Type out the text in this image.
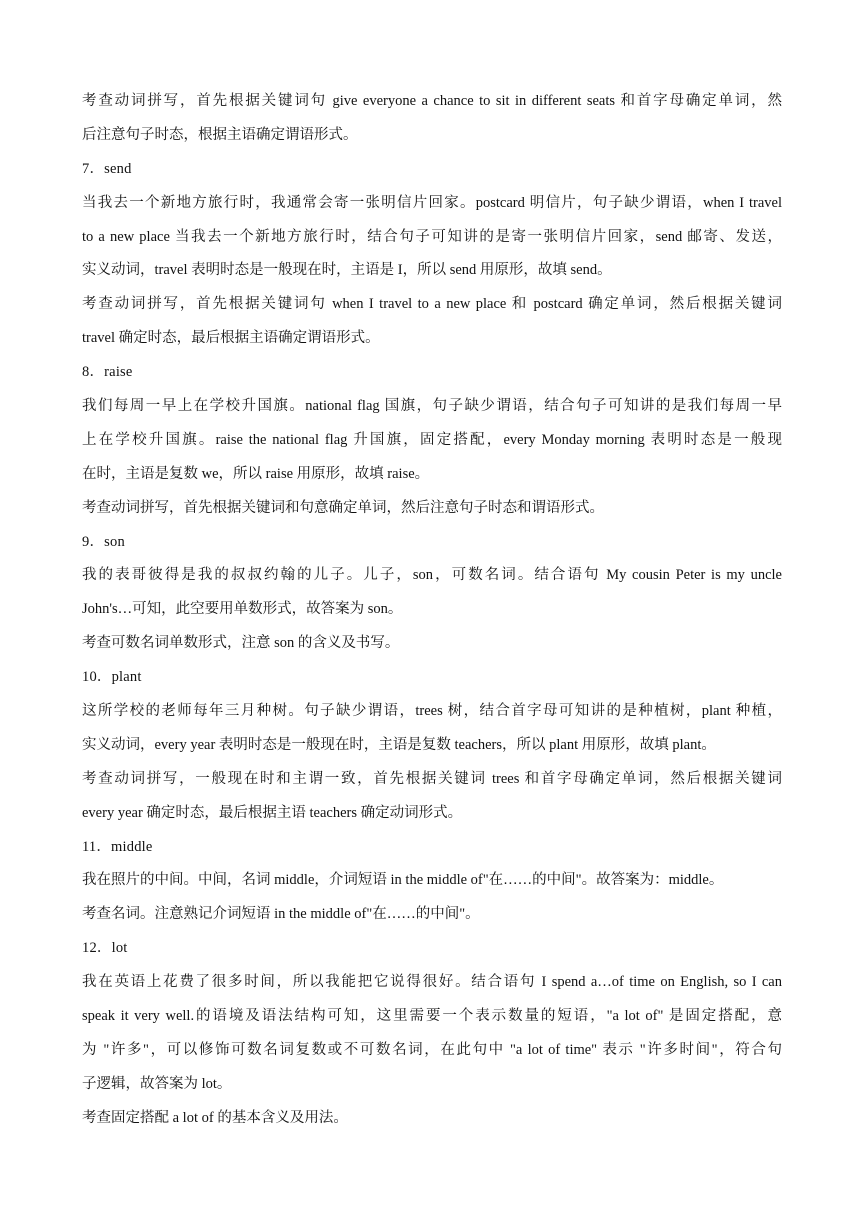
考查动词拼写，首先根据关键词句 give everyone a chance to sit in different seats 和首字母确定单词，然
后注意句子时态，根据主语确定谓语形式。
7．send
当我去一个新地方旅行时，我通常会寄一张明信片回家。postcard 明信片，句子缺少谓语，when I travel
to a new place 当我去一个新地方旅行时，结合句子可知讲的是寄一张明信片回家，send 邮寄、发送，
实义动词，travel 表明时态是一般现在时，主语是 I，所以 send 用原形，故填 send。
考查动词拼写，首先根据关键词句 when I travel to a new place 和 postcard 确定单词，然后根据关键词
travel 确定时态，最后根据主语确定谓语形式。
8．raise
我们每周一早上在学校升国旗。national flag 国旗，句子缺少谓语，结合句子可知讲的是我们每周一早
上在学校升国旗。raise the national flag 升国旗，固定搭配，every Monday morning 表明时态是一般现
在时，主语是复数 we，所以 raise 用原形，故填 raise。
考查动词拼写，首先根据关键词和句意确定单词，然后注意句子时态和谓语形式。
9．son
我的表哥彼得是我的叔叔约翰的儿子。儿子，son，可数名词。结合语句 My cousin Peter is my uncle
John's…可知，此空要用单数形式，故答案为 son。
考查可数名词单数形式，注意 son 的含义及书写。
10．plant
这所学校的老师每年三月种树。句子缺少谓语，trees 树，结合首字母可知讲的是种植树，plant 种植，
实义动词，every year 表明时态是一般现在时，主语是复数 teachers，所以 plant 用原形，故填 plant。
考查动词拼写，一般现在时和主谓一致，首先根据关键词 trees 和首字母确定单词，然后根据关键词
every year 确定时态，最后根据主语 teachers 确定动词形式。
11．middle
我在照片的中间。中间，名词 middle，介词短语 in the middle of"在……的中间"。故答案为：middle。
考查名词。注意熟记介词短语 in the middle of"在……的中间"。
12．lot
我在英语上花费了很多时间，所以我能把它说得很好。结合语句 I spend a…of time on English, so I can
speak it very well.的语境及语法结构可知，这里需要一个表示数量的短语，"a lot of" 是固定搭配，意
为 "许多"，可以修饰可数名词复数或不可数名词，在此句中 "a lot of time" 表示 "许多时间"，符合句
子逻辑，故答案为 lot。
考查固定搭配 a lot of 的基本含义及用法。
